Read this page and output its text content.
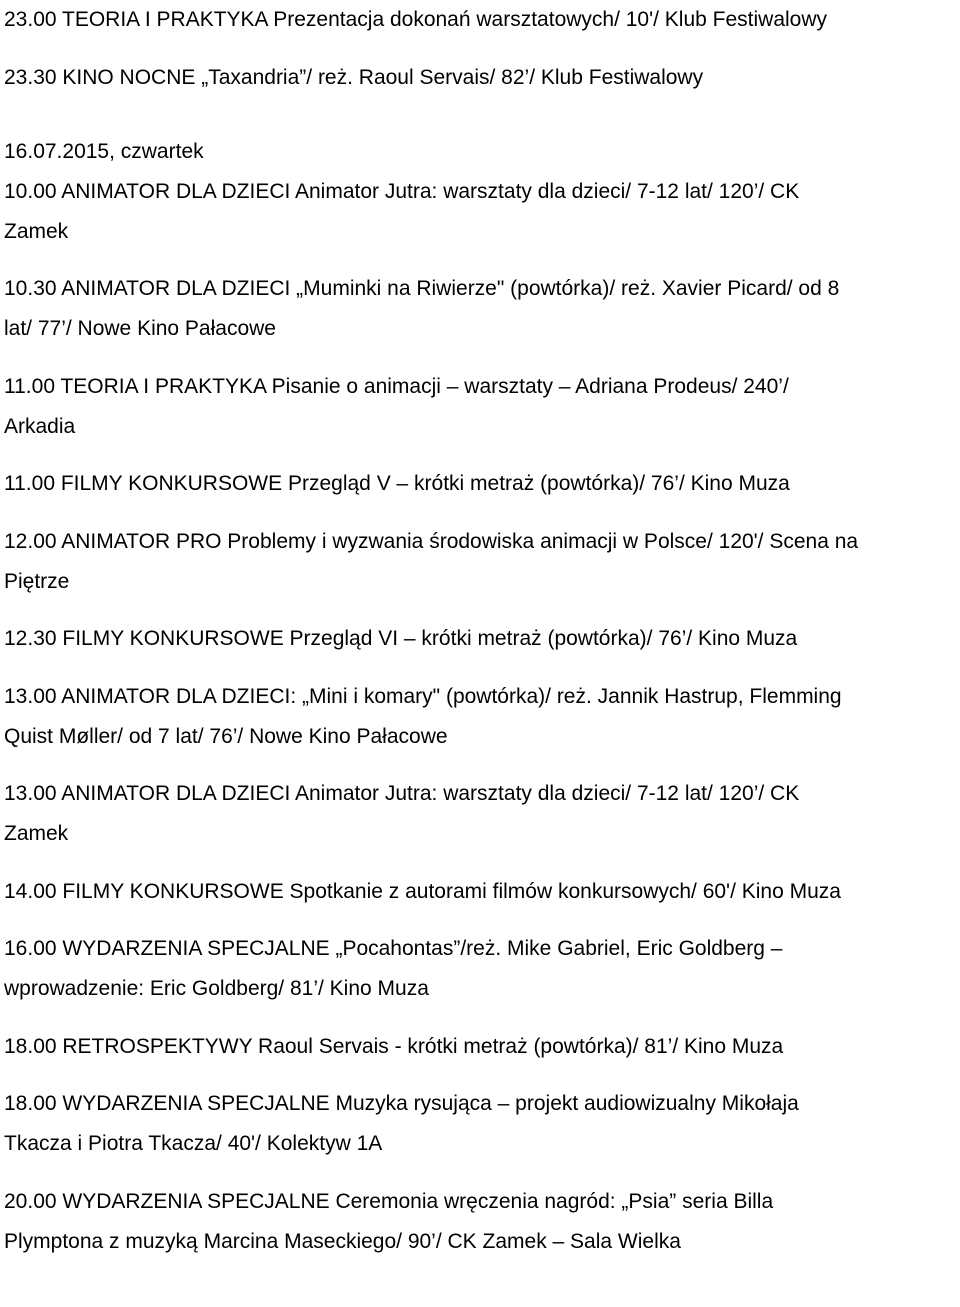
23.00 TEORIA I PRAKTYKA Prezentacja dokonań warsztatowych/ 10'/ Klub Festiwalowy
23.30 KINO NOCNE „Taxandria”/ reż. Raoul Servais/ 82’/ Klub Festiwalowy
16.07.2015, czwartek
10.00 ANIMATOR DLA DZIECI Animator Jutra: warsztaty dla dzieci/ 7-12 lat/ 120’/ CK
Zamek
10.30 ANIMATOR DLA DZIECI „Muminki na Riwierze" (powtórka)/ reż. Xavier Picard/ od 8
lat/ 77’/ Nowe Kino Pałacowe
11.00 TEORIA I PRAKTYKA Pisanie o animacji – warsztaty – Adriana Prodeus/ 240’/
Arkadia
11.00 FILMY KONKURSOWE Przegląd V – krótki metraż (powtórka)/ 76’/ Kino Muza
12.00 ANIMATOR PRO Problemy i wyzwania środowiska animacji w Polsce/ 120'/ Scena na
Piętrze
12.30 FILMY KONKURSOWE Przegląd VI – krótki metraż (powtórka)/ 76’/ Kino Muza
13.00 ANIMATOR DLA DZIECI: „Mini i komary" (powtórka)/ reż. Jannik Hastrup, Flemming
Quist Møller/ od 7 lat/ 76’/ Nowe Kino Pałacowe
13.00 ANIMATOR DLA DZIECI Animator Jutra: warsztaty dla dzieci/ 7-12 lat/ 120’/ CK
Zamek
14.00 FILMY KONKURSOWE Spotkanie z autorami filmów konkursowych/ 60'/ Kino Muza
16.00 WYDARZENIA SPECJALNE „Pocahontas”/reż. Mike Gabriel, Eric Goldberg –
wprowadzenie: Eric Goldberg/ 81’/ Kino Muza
18.00 RETROSPEKTYWY Raoul Servais - krótki metraż (powtórka)/ 81’/ Kino Muza
18.00 WYDARZENIA SPECJALNE Muzyka rysująca – projekt audiowizualny Mikołaja
Tkacza i Piotra Tkacza/ 40'/ Kolektyw 1A
20.00 WYDARZENIA SPECJALNE Ceremonia wręczenia nagród: „Psia” seria Billa
Plymptona z muzyką Marcina Maseckiego/ 90’/ CK Zamek – Sala Wielka
